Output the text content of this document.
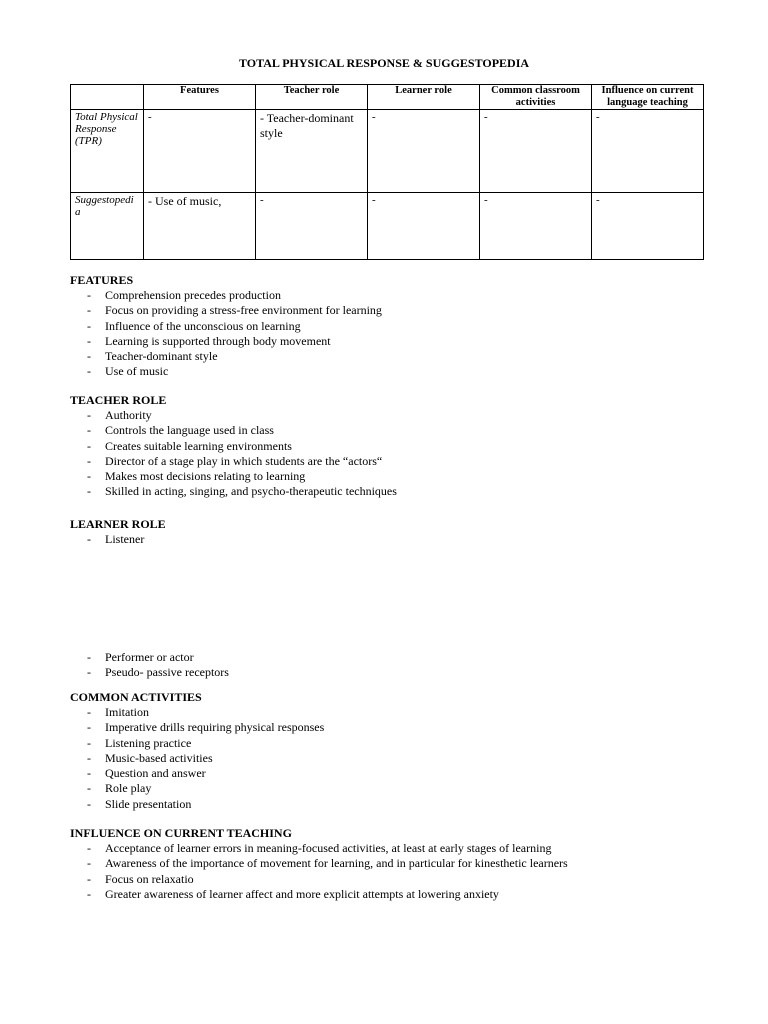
TOTAL PHYSICAL RESPONSE & SUGGESTOPEDIA
	Features	Teacher role	Learner role	Common classroom activities	Influence on current language teaching
Total Physical Response (TPR)	-	- Teacher-dominant style	-	-	-
Suggestopedia	- Use of music,	-	-	-	-
FEATURES
- Comprehension precedes production
- Focus on providing a stress-free environment for learning
- Influence of the unconscious on learning
- Learning is supported through body movement
- Teacher-dominant style
- Use of music
TEACHER ROLE
- Authority
- Controls the language used in class
- Creates suitable learning environments
- Director of a stage play in which students are the “actors“
- Makes most decisions relating to learning
- Skilled in acting, singing, and psycho-therapeutic techniques
LEARNER ROLE
- Listener
- Performer or actor
- Pseudo- passive receptors
COMMON ACTIVITIES
- Imitation
- Imperative drills requiring physical responses
- Listening practice
- Music-based activities
- Question and answer
- Role play
- Slide presentation
INFLUENCE ON CURRENT TEACHING
- Acceptance of learner errors in meaning-focused activities, at least at early stages of learning
- Awareness of the importance of movement for learning, and in particular for kinesthetic learners
- Focus on relaxatio
- Greater awareness of learner affect and more explicit attempts at lowering anxiety
